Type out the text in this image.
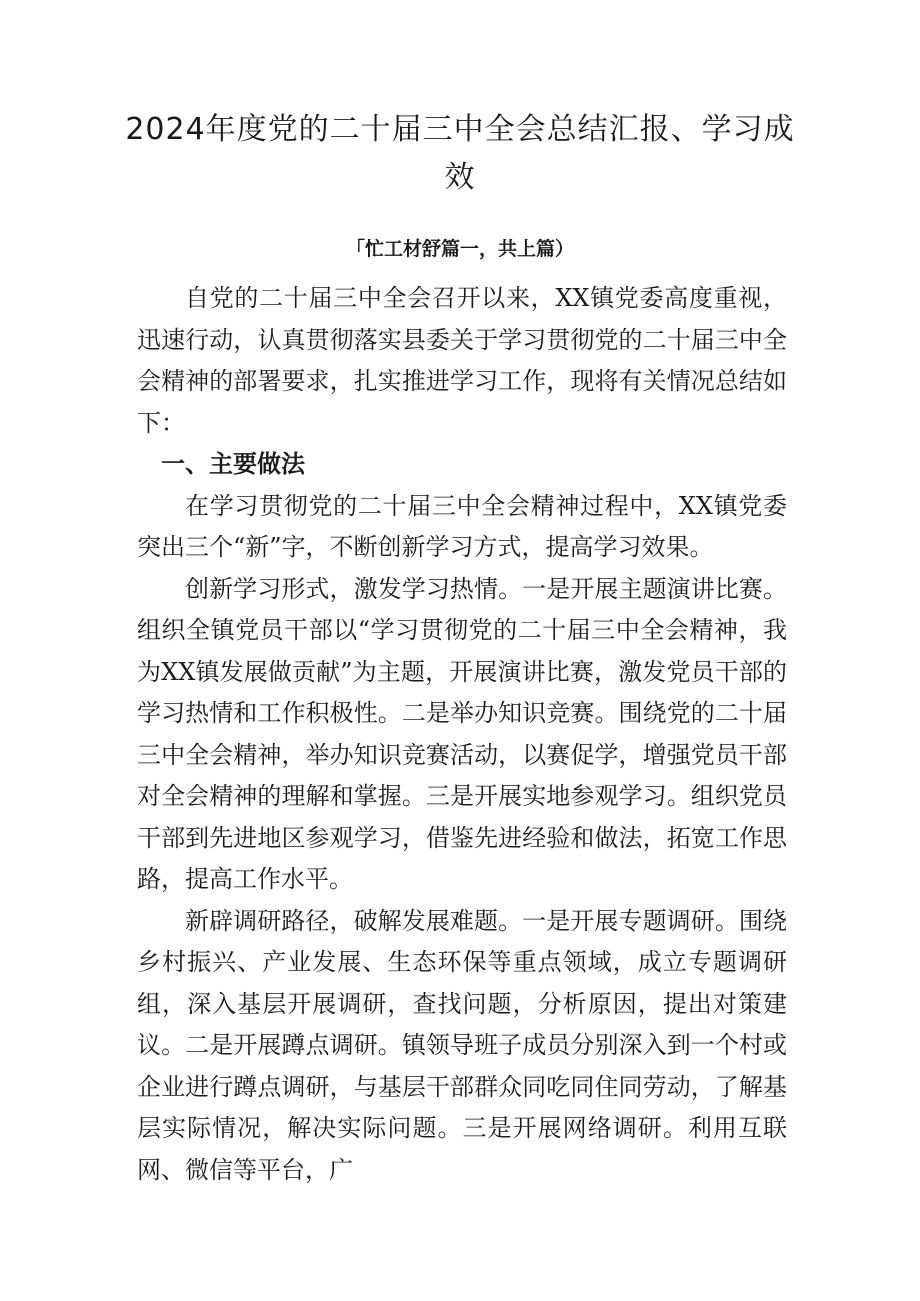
2024年度党的二十届三中全会总结汇报、学习成效
「忙工材舒篇一，共上篇）

自党的二十届三中全会召开以来，XX镇党委高度重视，迅速行动，认真贯彻落实县委关于学习贯彻党的二十届三中全会精神的部署要求，扎实推进学习工作，现将有关情况总结如下：

一、主要做法

在学习贯彻党的二十届三中全会精神过程中，XX镇党委突出三个“新”字，不断创新学习方式，提高学习效果。

创新学习形式，激发学习热情。一是开展主题演讲比赛。组织全镇党员干部以“学习贯彻党的二十届三中全会精神，我为XX镇发展做贡献”为主题，开展演讲比赛，激发党员干部的学习热情和工作积极性。二是举办知识竞赛。围绕党的二十届三中全会精神，举办知识竞赛活动，以赛促学，增强党员干部对全会精神的理解和掌握。三是开展实地参观学习。组织党员干部到先进地区参观学习，借鉴先进经验和做法，拓宽工作思路，提高工作水平。

新辟调研路径，破解发展难题。一是开展专题调研。围绕乡村振兴、产业发展、生态环保等重点领域，成立专题调研组，深入基层开展调研，查找问题，分析原因，提出对策建议。二是开展蹲点调研。镇领导班子成员分别深入到一个村或企业进行蹲点调研，与基层干部群众同吃同住同劳动，了解基层实际情况，解决实际问题。三是开展网络调研。利用互联网、微信等平台，广
